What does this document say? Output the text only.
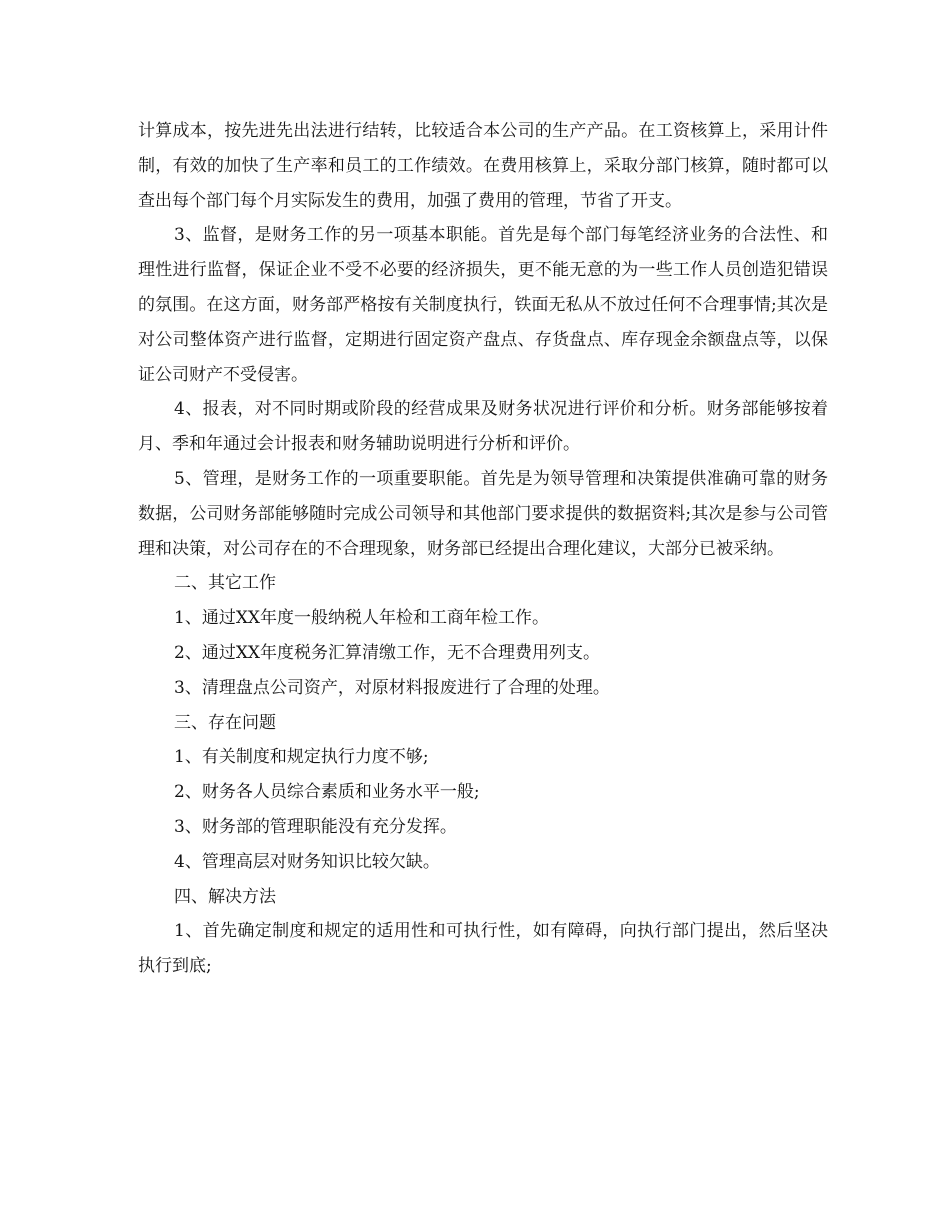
计算成本，按先进先出法进行结转，比较适合本公司的生产产品。在工资核算上，采用计件制，有效的加快了生产率和员工的工作绩效。在费用核算上，采取分部门核算，随时都可以查出每个部门每个月实际发生的费用，加强了费用的管理，节省了开支。

3、监督，是财务工作的另一项基本职能。首先是每个部门每笔经济业务的合法性、和理性进行监督，保证企业不受不必要的经济损失，更不能无意的为一些工作人员创造犯错误的氛围。在这方面，财务部严格按有关制度执行，铁面无私从不放过任何不合理事情;其次是对公司整体资产进行监督，定期进行固定资产盘点、存货盘点、库存现金余额盘点等，以保证公司财产不受侵害。

4、报表，对不同时期或阶段的经营成果及财务状况进行评价和分析。财务部能够按着月、季和年通过会计报表和财务辅助说明进行分析和评价。

5、管理，是财务工作的一项重要职能。首先是为领导管理和决策提供准确可靠的财务数据，公司财务部能够随时完成公司领导和其他部门要求提供的数据资料;其次是参与公司管理和决策，对公司存在的不合理现象，财务部已经提出合理化建议，大部分已被采纳。

二、其它工作

1、通过XX年度一般纳税人年检和工商年检工作。

2、通过XX年度税务汇算清缴工作，无不合理费用列支。

3、清理盘点公司资产，对原材料报废进行了合理的处理。

三、存在问题

1、有关制度和规定执行力度不够;

2、财务各人员综合素质和业务水平一般;

3、财务部的管理职能没有充分发挥。

4、管理高层对财务知识比较欠缺。

四、解决方法

1、首先确定制度和规定的适用性和可执行性，如有障碍，向执行部门提出，然后坚决执行到底;
